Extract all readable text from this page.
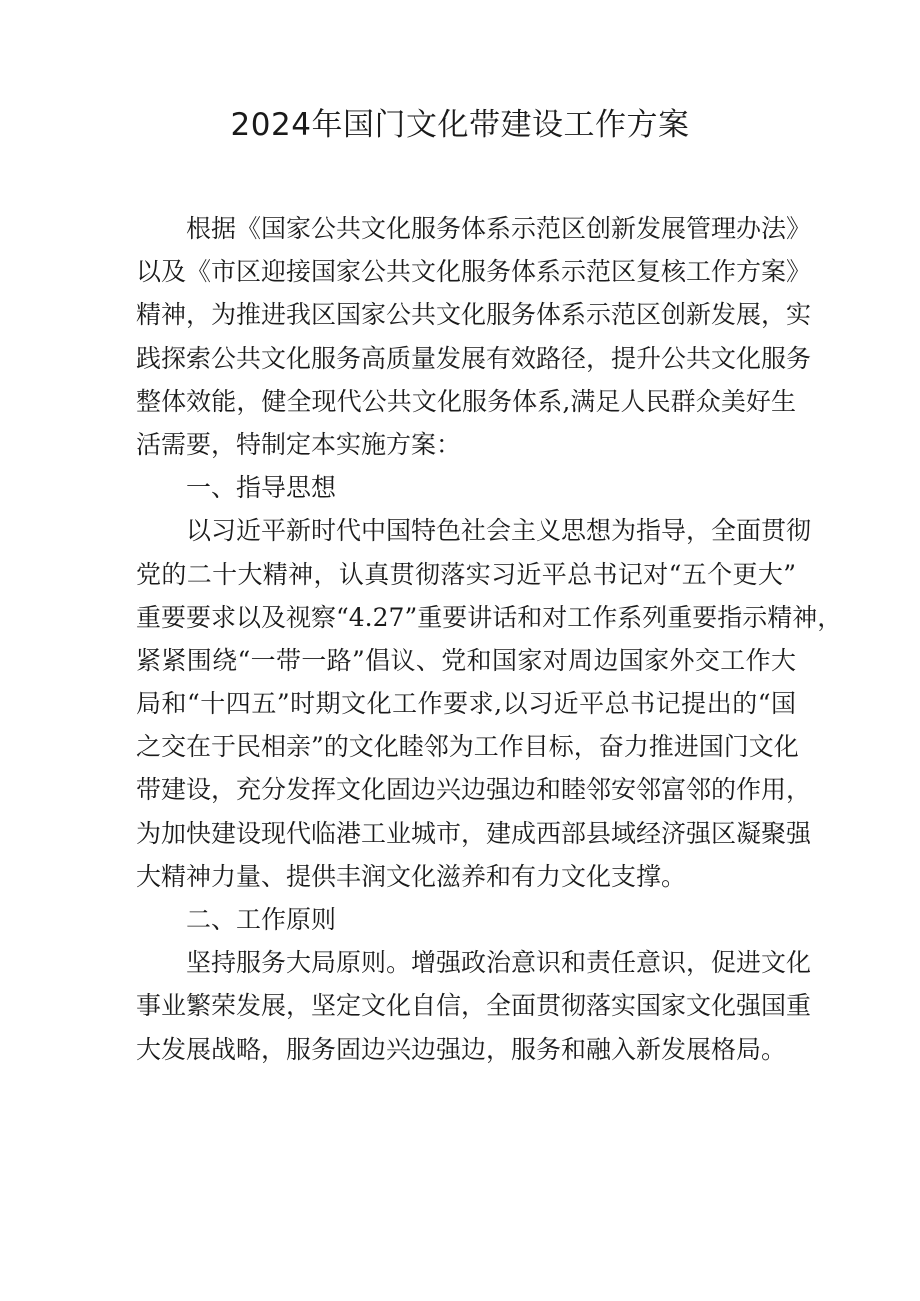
2024年国门文化带建设工作方案
根据《国家公共文化服务体系示范区创新发展管理办法》
以及《市区迎接国家公共文化服务体系示范区复核工作方案》
精神，为推进我区国家公共文化服务体系示范区创新发展，实
践探索公共文化服务高质量发展有效路径，提升公共文化服务
整体效能，健全现代公共文化服务体系,满足人民群众美好生
活需要，特制定本实施方案：
一、指导思想
以习近平新时代中国特色社会主义思想为指导，全面贯彻
党的二十大精神，认真贯彻落实习近平总书记对“五个更大”
重要要求以及视察“4.27”重要讲话和对工作系列重要指示精神，
紧紧围绕“一带一路”倡议、党和国家对周边国家外交工作大
局和“十四五”时期文化工作要求,以习近平总书记提出的“国
之交在于民相亲”的文化睦邻为工作目标，奋力推进国门文化
带建设，充分发挥文化固边兴边强边和睦邻安邻富邻的作用，
为加快建设现代临港工业城市，建成西部县域经济强区凝聚强
大精神力量、提供丰润文化滋养和有力文化支撑。
二、工作原则
坚持服务大局原则。增强政治意识和责任意识，促进文化
事业繁荣发展，坚定文化自信，全面贯彻落实国家文化强国重
大发展战略，服务固边兴边强边，服务和融入新发展格局。
